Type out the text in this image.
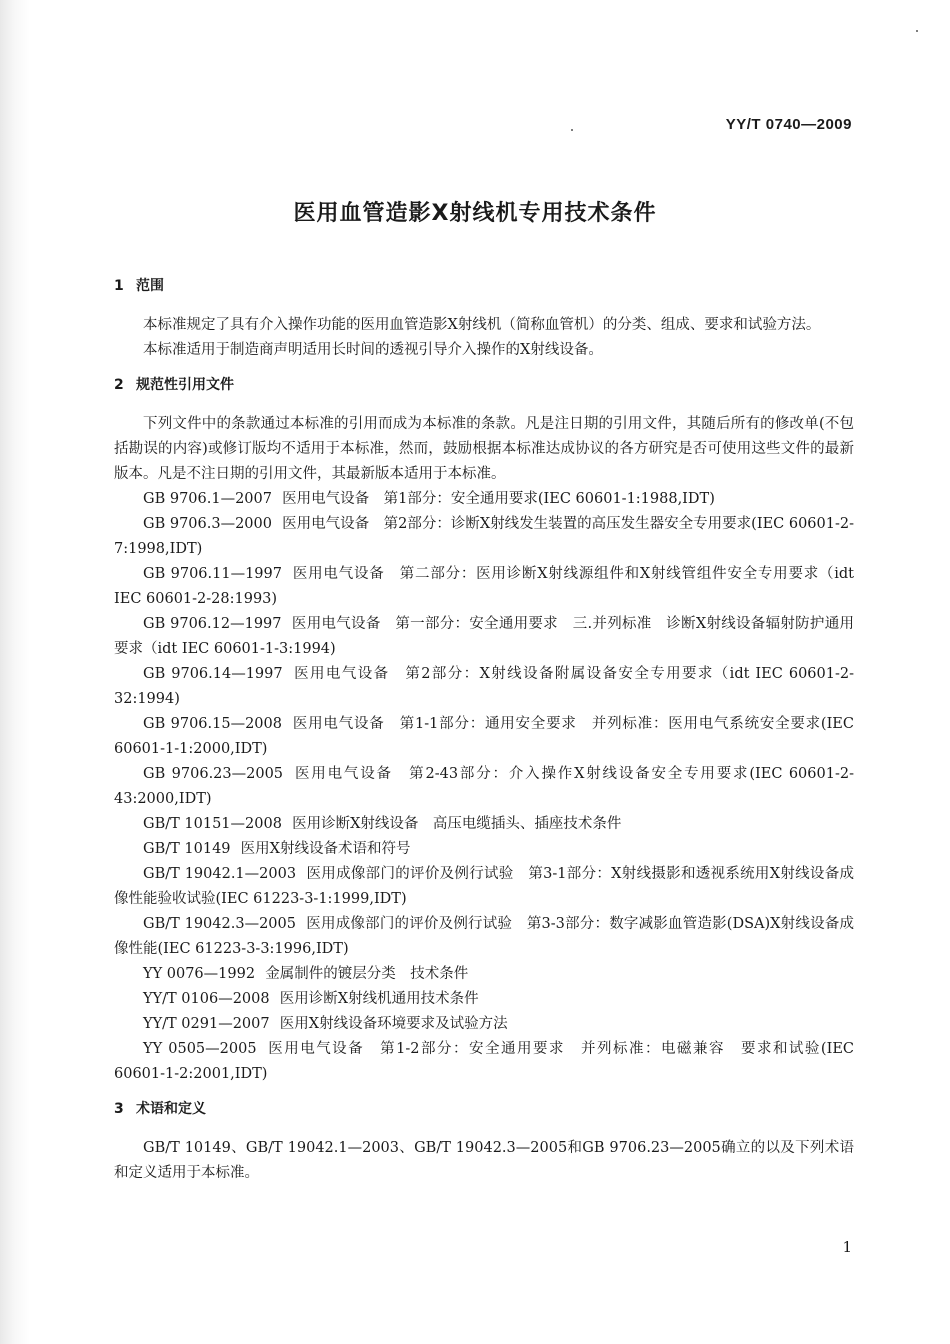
YY/T 0740—2009
医用血管造影X射线机专用技术条件
1 范围
本标准规定了具有介入操作功能的医用血管造影X射线机（简称血管机）的分类、组成、要求和试验方法。
本标准适用于制造商声明适用长时间的透视引导介入操作的X射线设备。
2 规范性引用文件
下列文件中的条款通过本标准的引用而成为本标准的条款。凡是注日期的引用文件，其随后所有的修改单(不包括勘误的内容)或修订版均不适用于本标准，然而，鼓励根据本标准达成协议的各方研究是否可使用这些文件的最新版本。凡是不注日期的引用文件，其最新版本适用于本标准。
GB 9706.1—2007 医用电气设备　第1部分：安全通用要求(IEC 60601-1:1988,IDT)
GB 9706.3—2000 医用电气设备　第2部分：诊断X射线发生装置的高压发生器安全专用要求(IEC 60601-2-7:1998,IDT)
GB 9706.11—1997 医用电气设备　第二部分：医用诊断X射线源组件和X射线管组件安全专用要求（idt IEC 60601-2-28:1993)
GB 9706.12—1997 医用电气设备　第一部分：安全通用要求　三.并列标准　诊断X射线设备辐射防护通用要求（idt IEC 60601-1-3:1994)
GB 9706.14—1997 医用电气设备　第2部分：X射线设备附属设备安全专用要求（idt IEC 60601-2-32:1994)
GB 9706.15—2008 医用电气设备　第1-1部分：通用安全要求　并列标准：医用电气系统安全要求(IEC 60601-1-1:2000,IDT)
GB 9706.23—2005 医用电气设备　第2-43部分：介入操作X射线设备安全专用要求(IEC 60601-2-43:2000,IDT)
GB/T 10151—2008 医用诊断X射线设备　高压电缆插头、插座技术条件
GB/T 10149 医用X射线设备术语和符号
GB/T 19042.1—2003 医用成像部门的评价及例行试验　第3-1部分：X射线摄影和透视系统用X射线设备成像性能验收试验(IEC 61223-3-1:1999,IDT)
GB/T 19042.3—2005 医用成像部门的评价及例行试验　第3-3部分：数字减影血管造影(DSA)X射线设备成像性能(IEC 61223-3-3:1996,IDT)
YY 0076—1992 金属制件的镀层分类　技术条件
YY/T 0106—2008 医用诊断X射线机通用技术条件
YY/T 0291—2007 医用X射线设备环境要求及试验方法
YY 0505—2005 医用电气设备　第1-2部分：安全通用要求　并列标准：电磁兼容　要求和试验(IEC 60601-1-2:2001,IDT)
3 术语和定义
GB/T 10149、GB/T 19042.1—2003、GB/T 19042.3—2005和GB 9706.23—2005确立的以及下列术语和定义适用于本标准。
1
